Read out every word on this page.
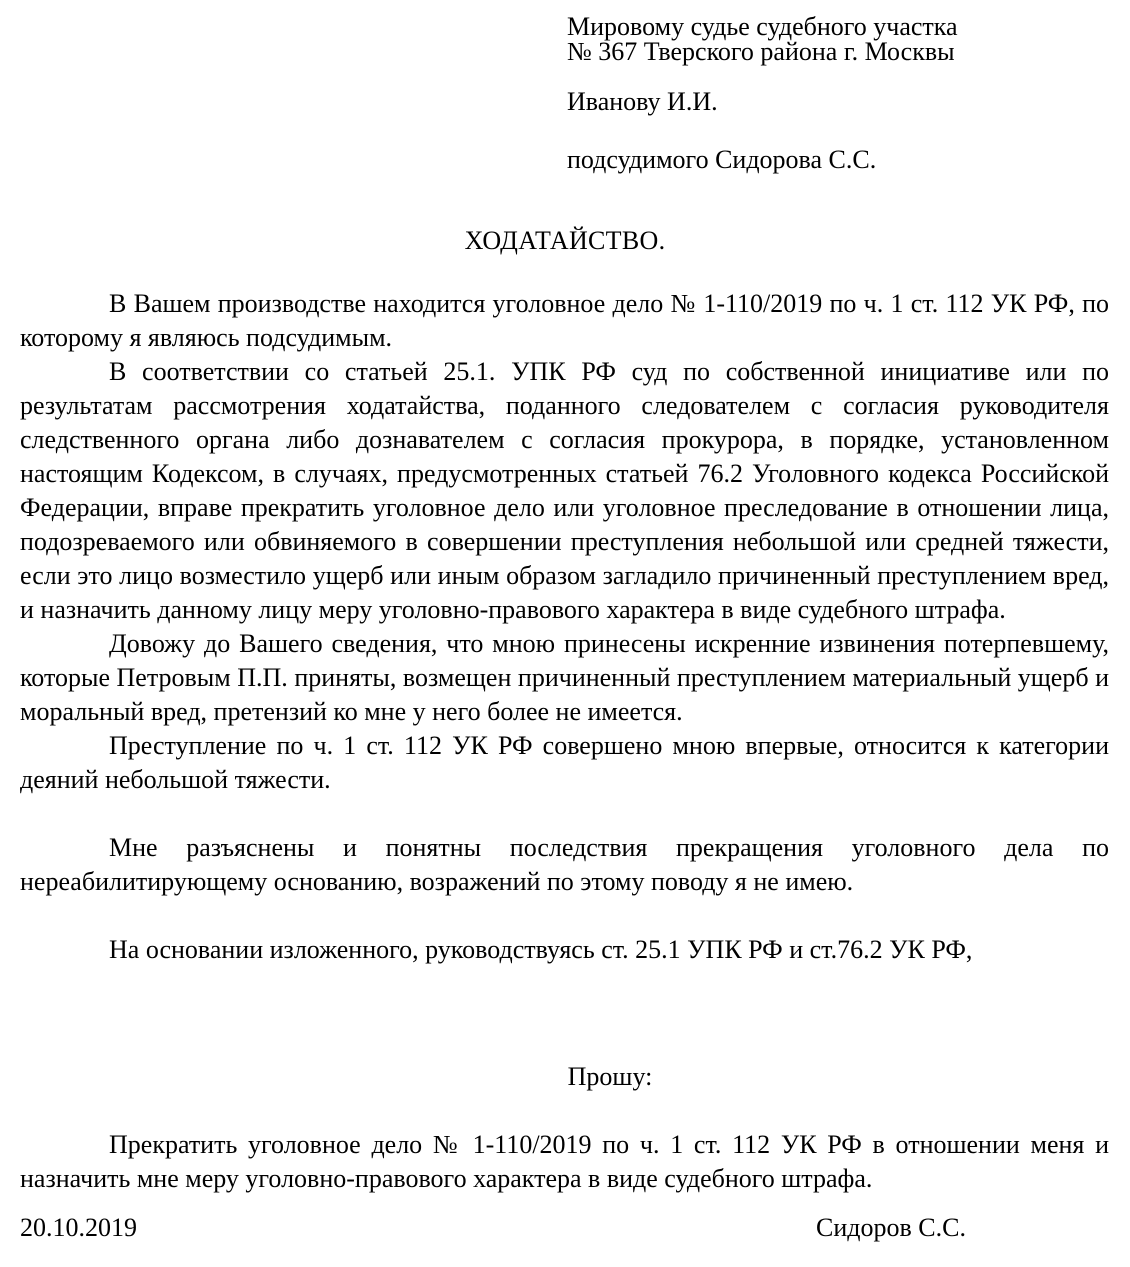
Мировому судье судебного участка
№ 367 Тверского района г. Москвы
Иванову И.И.
подсудимого Сидорова С.С.
ХОДАТАЙСТВО.

В Вашем производстве находится уголовное дело № 1-110/2019 по ч. 1 ст. 112 УК РФ, по которому я являюсь подсудимым.

В соответствии со статьей 25.1. УПК РФ суд по собственной инициативе или по результатам рассмотрения ходатайства, поданного следователем с согласия руководителя следственного органа либо дознавателем с согласия прокурора, в порядке, установленном настоящим Кодексом, в случаях, предусмотренных статьей 76.2 Уголовного кодекса Российской Федерации, вправе прекратить уголовное дело или уголовное преследование в отношении лица, подозреваемого или обвиняемого в совершении преступления небольшой или средней тяжести, если это лицо возместило ущерб или иным образом загладило причиненный преступлением вред, и назначить данному лицу меру уголовно-правового характера в виде судебного штрафа.

Довожу до Вашего сведения, что мною принесены искренние извинения потерпевшему, которые Петровым П.П. приняты, возмещен причиненный преступлением материальный ущерб и моральный вред, претензий ко мне у него более не имеется.

Преступление по ч. 1 ст. 112 УК РФ совершено мною впервые, относится к категории деяний небольшой тяжести.

Мне разъяснены и понятны последствия прекращения уголовного дела по нереабилитирующему основанию, возражений по этому поводу я не имею.

На основании изложенного, руководствуясь ст. 25.1 УПК РФ и ст.76.2 УК РФ,

Прошу:

Прекратить уголовное дело № 1-110/2019 по ч. 1 ст. 112 УК РФ в отношении меня и назначить мне меру уголовно-правового характера в виде судебного штрафа.

20.10.2019	Сидоров С.С.
